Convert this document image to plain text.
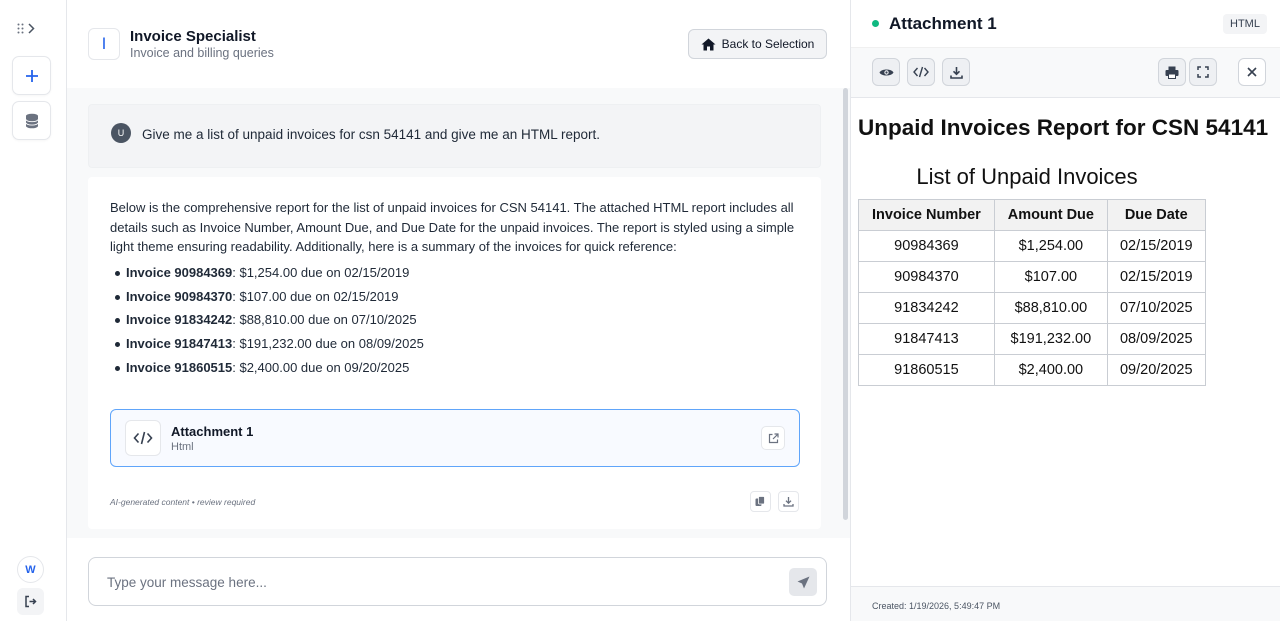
W
I	Invoice Specialist
Invoice and billing queries
Back to Selection
U	Give me a list of unpaid invoices for csn 54141 and give me an HTML report.

Below is the comprehensive report for the list of unpaid invoices for CSN 54141. The attached HTML report includes all details such as Invoice Number, Amount Due, and Due Date for the unpaid invoices. The report is styled using a simple light theme ensuring readability. Additionally, here is a summary of the invoices for quick reference:

Invoice 90984369: $1,254.00 due on 02/15/2019
Invoice 90984370: $107.00 due on 02/15/2019
Invoice 91834242: $88,810.00 due on 07/10/2025
Invoice 91847413: $191,232.00 due on 08/09/2025
Invoice 91860515: $2,400.00 due on 09/20/2025
Attachment 1
Html
AI-generated content • review required
Type your message here...
Attachment 1	HTML
Unpaid Invoices Report for CSN 54141
List of Unpaid Invoices
Invoice Number	Amount Due	Due Date
90984369	$1,254.00	02/15/2019
90984370	$107.00	02/15/2019
91834242	$88,810.00	07/10/2025
91847413	$191,232.00	08/09/2025
91860515	$2,400.00	09/20/2025
Created: 1/19/2026, 5:49:47 PM
